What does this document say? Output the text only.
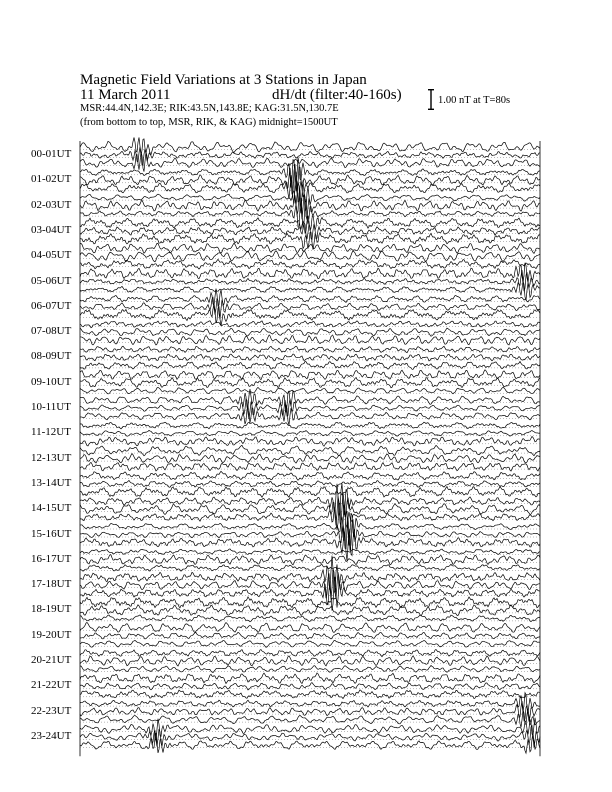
Magnetic Field Variations at 3 Stations in Japan
11 March 2011	dH/dt (filter:40-160s)
MSR:44.4N,142.3E; RIK:43.5N,143.8E; KAG:31.5N,130.7E
(from bottom to top, MSR, RIK, & KAG) midnight=1500UT
1.00 nT at T=80s
00-01UT
01-02UT
02-03UT
03-04UT
04-05UT
05-06UT
06-07UT
07-08UT
08-09UT
09-10UT
10-11UT
11-12UT
12-13UT
13-14UT
14-15UT
15-16UT
16-17UT
17-18UT
18-19UT
19-20UT
20-21UT
21-22UT
22-23UT
23-24UT
